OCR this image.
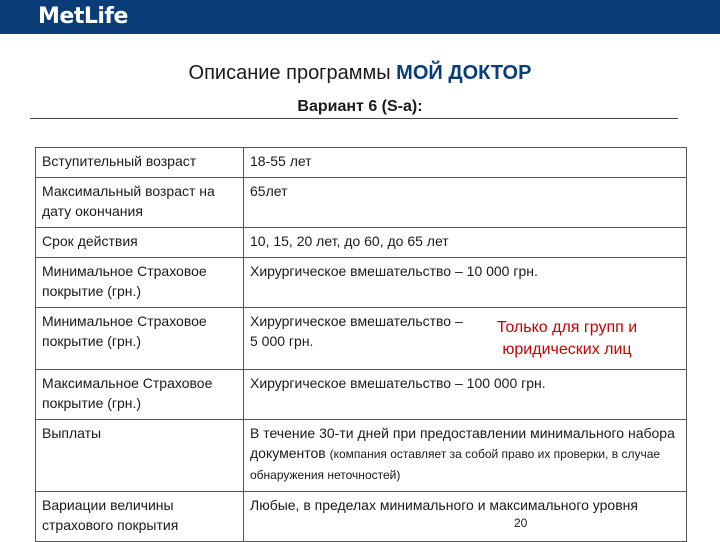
MetLife
Описание программы МОЙ ДОКТОР
Вариант 6 (S-a):
Вступительный возраст	18-55 лет
Максимальный возраст на дату окончания	65лет
Срок действия	10, 15, 20 лет, до 60, до 65 лет
Минимальное Страховое покрытие (грн.)	Хирургическое вмешательство – 10 000 грн.
Минимальное Страховое покрытие (грн.)	Хирургическое вмешательство – 5 000 грн.
Только для групп и юридических лиц

Максимальное Страховое покрытие (грн.)	Хирургическое вмешательство – 100 000 грн.
Выплаты	В течение 30-ти дней при предоставлении минимального набора документов (компания оставляет за собой право их проверки, в случае обнаружения неточностей)
Вариации величины страхового покрытия	Любые, в пределах минимального и максимального уровня
20
